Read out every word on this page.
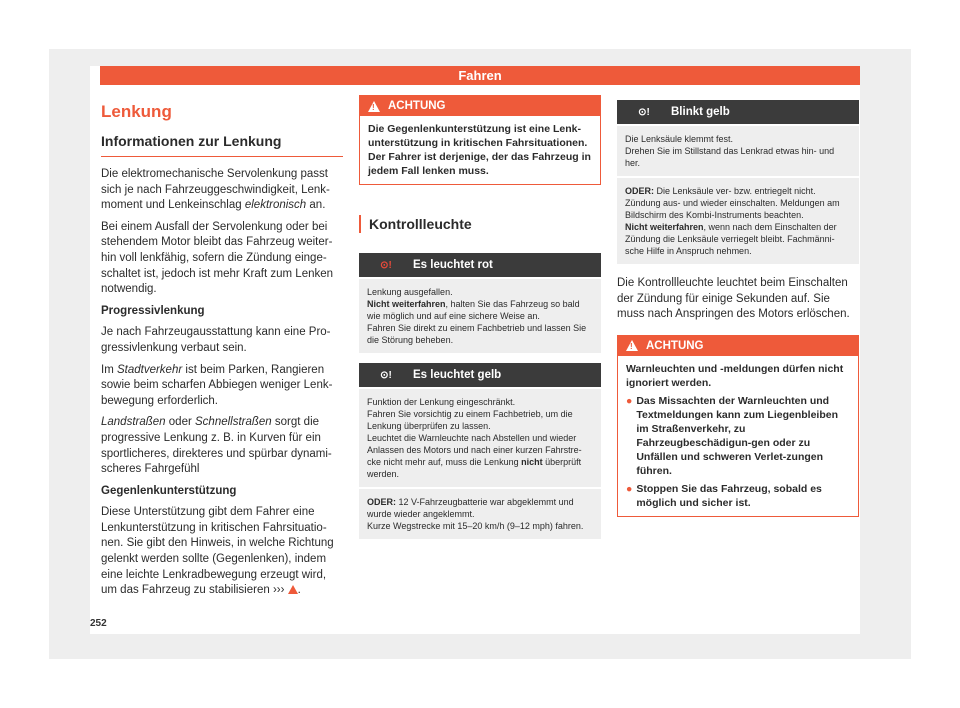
Fahren
252
Lenkung
Informationen zur Lenkung

Die elektromechanische Servolenkung passt sich je nach Fahrzeuggeschwindigkeit, Lenk-moment und Lenkeinschlag elektronisch an.

Bei einem Ausfall der Servolenkung oder bei stehendem Motor bleibt das Fahrzeug weiter-hin voll lenkfähig, sofern die Zündung einge-schaltet ist, jedoch ist mehr Kraft zum Lenken notwendig.

Progressivlenkung

Je nach Fahrzeugausstattung kann eine Pro-gressivlenkung verbaut sein.

Im Stadtverkehr ist beim Parken, Rangieren sowie beim scharfen Abbiegen weniger Lenk-bewegung erforderlich.

Landstraßen oder Schnellstraßen sorgt die progressive Lenkung z. B. in Kurven für ein sportlicheres, direkteres und spürbar dynami-scheres Fahrgefühl

Gegenlenkunterstützung

Diese Unterstützung gibt dem Fahrer eine Lenkunterstützung in kritischen Fahrsituatio-nen. Sie gibt den Hinweis, in welche Richtung gelenkt werden sollte (Gegenlenken), indem eine leichte Lenkradbewegung erzeugt wird, um das Fahrzeug zu stabilisieren ››› .

!
ACHTUNG
Die Gegenlenkunterstützung ist eine Lenk-unterstützung in kritischen Fahrsituationen. Der Fahrer ist derjenige, der das Fahrzeug in jedem Fall lenken muss.
Kontrollleuchte
⊙!	Es leuchtet rot
Lenkung ausgefallen.
Nicht weiterfahren, halten Sie das Fahrzeug so bald wie möglich und auf eine sichere Weise an.
Fahren Sie direkt zu einem Fachbetrieb und lassen Sie die Störung beheben.
⊙!	Es leuchtet gelb
Funktion der Lenkung eingeschränkt.
Fahren Sie vorsichtig zu einem Fachbetrieb, um die Lenkung überprüfen zu lassen.
Leuchtet die Warnleuchte nach Abstellen und wieder Anlassen des Motors und nach einer kurzen Fahrstre-cke nicht mehr auf, muss die Lenkung nicht überprüft werden.
ODER: 12 V-Fahrzeugbatterie war abgeklemmt und wurde wieder angeklemmt.
Kurze Wegstrecke mit 15–20 km/h (9–12 mph) fahren.
⊙!	Blinkt gelb
Die Lenksäule klemmt fest.
Drehen Sie im Stillstand das Lenkrad etwas hin- und her.
ODER: Die Lenksäule ver- bzw. entriegelt nicht.
Zündung aus- und wieder einschalten. Meldungen am Bildschirm des Kombi-Instruments beachten.
Nicht weiterfahren, wenn nach dem Einschalten der Zündung die Lenksäule verriegelt bleibt. Fachmänni-sche Hilfe in Anspruch nehmen.

Die Kontrollleuchte leuchtet beim Einschalten der Zündung für einige Sekunden auf. Sie muss nach Anspringen des Motors erlöschen.

!
ACHTUNG
Warnleuchten und -meldungen dürfen nicht ignoriert werden.
● Das Missachten der Warnleuchten und Textmeldungen kann zum Liegenbleiben im Straßenverkehr, zu Fahrzeugbeschädigun-gen oder zu Unfällen und schweren Verlet-zungen führen.
● Stoppen Sie das Fahrzeug, sobald es möglich und sicher ist.
